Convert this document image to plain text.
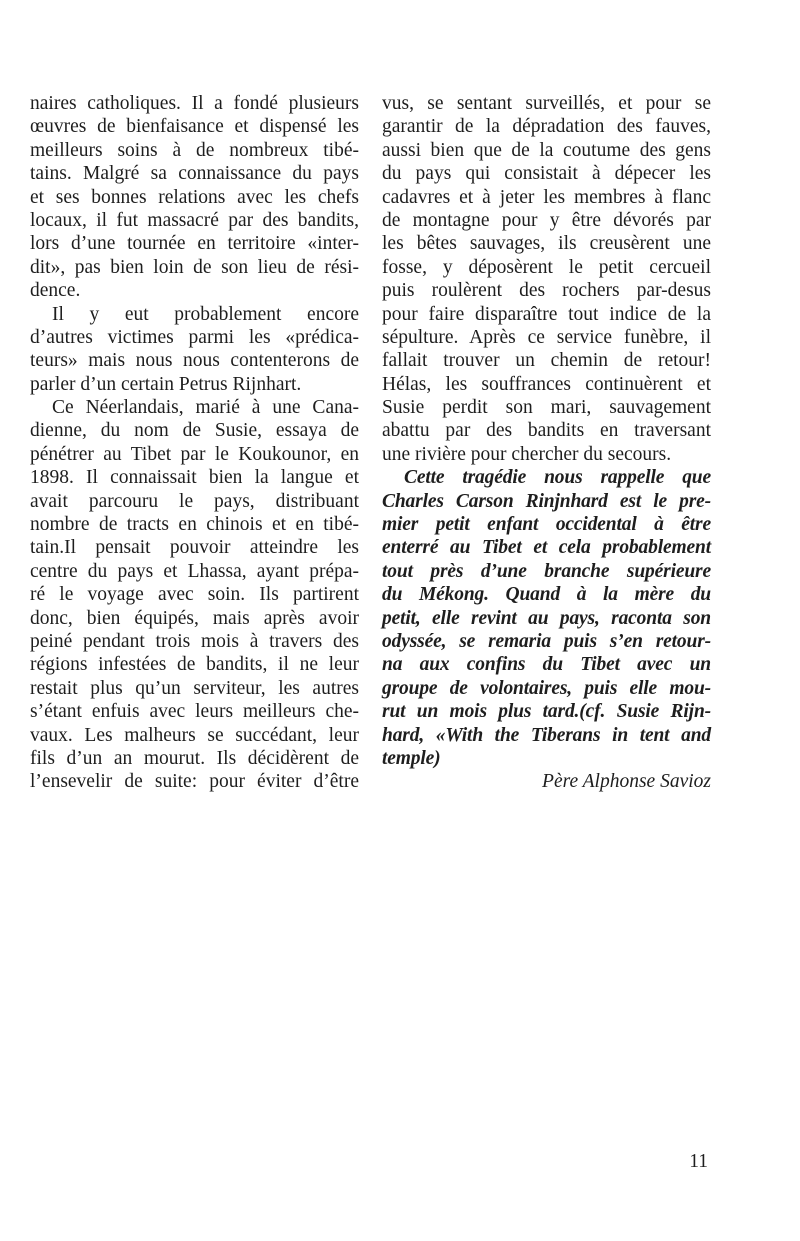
naires catholiques. Il a fondé plusieurs
œuvres de bienfaisance et dispensé les
meilleurs soins à de nombreux tibé-
tains. Malgré sa connaissance du pays
et ses bonnes relations avec les chefs
locaux, il fut massacré par des bandits,
lors d’une tournée en territoire «inter-
dit», pas bien loin de son lieu de rési-
dence.
Il y eut probablement encore
d’autres victimes parmi les «prédica-
teurs» mais nous nous contenterons de
parler d’un certain Petrus Rijnhart.
Ce Néerlandais, marié à une Cana-
dienne, du nom de Susie, essaya de
pénétrer au Tibet par le Koukounor, en
1898. Il connaissait bien la langue et
avait parcouru le pays, distribuant
nombre de tracts en chinois et en tibé-
tain.Il pensait pouvoir atteindre les
centre du pays et Lhassa, ayant prépa-
ré le voyage avec soin. Ils partirent
donc, bien équipés, mais après avoir
peiné pendant trois mois à travers des
régions infestées de bandits, il ne leur
restait plus qu’un serviteur, les autres
s’étant enfuis avec leurs meilleurs che-
vaux. Les malheurs se succédant, leur
fils d’un an mourut. Ils décidèrent de
l’ensevelir de suite: pour éviter d’être
vus, se sentant surveillés, et pour se
garantir de la dépradation des fauves,
aussi bien que de la coutume des gens
du pays qui consistait à dépecer les
cadavres et à jeter les membres à flanc
de montagne pour y être dévorés par
les bêtes sauvages, ils creusèrent une
fosse, y déposèrent le petit cercueil
puis roulèrent des rochers par-desus
pour faire disparaître tout indice de la
sépulture. Après ce service funèbre, il
fallait trouver un chemin de retour!
Hélas, les souffrances continuèrent et
Susie perdit son mari, sauvagement
abattu par des bandits en traversant
une rivière pour chercher du secours.
Cette tragédie nous rappelle que
Charles Carson Rinjnhard est le pre-
mier petit enfant occidental à être
enterré au Tibet et cela probablement
tout près d’une branche supérieure
du Mékong. Quand à la mère du
petit, elle revint au pays, raconta son
odyssée, se remaria puis s’en retour-
na aux confins du Tibet avec un
groupe de volontaires, puis elle mou-
rut un mois plus tard.(cf. Susie Rijn-
hard, «With the Tiberans in tent and
temple)
Père Alphonse Savioz
11
